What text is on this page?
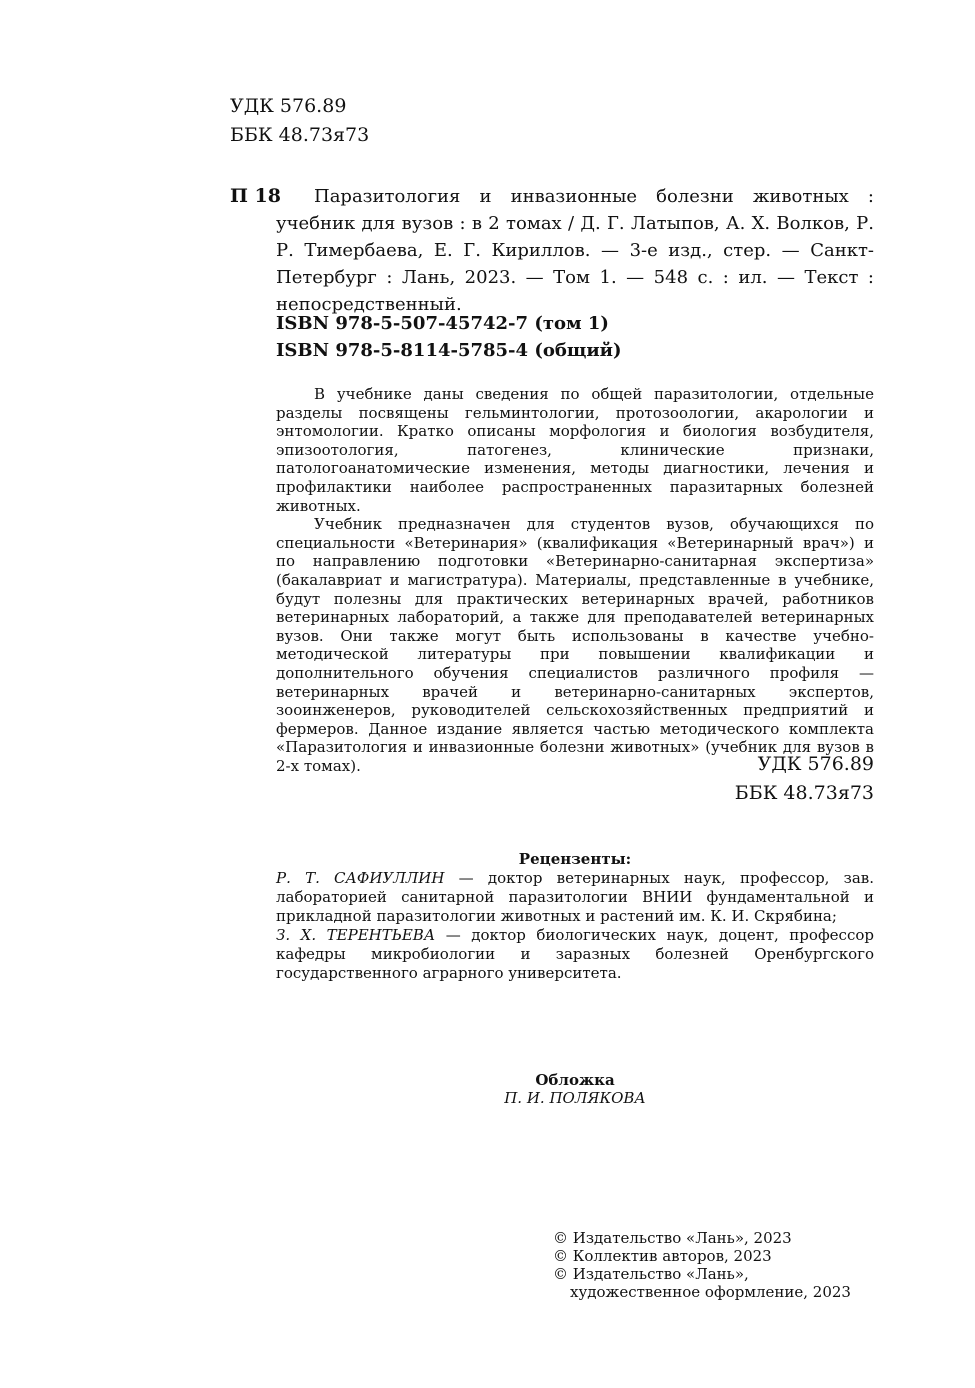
УДК 576.89
ББК 48.73я73
П 18	Паразитология и инвазионные болезни животных : учебник для вузов : в 2 томах / Д. Г. Латыпов, А. Х. Волков, Р. Р. Тимербаева, Е. Г. Кириллов. — 3-е изд., стер. — Санкт-Петербург : Лань, 2023. — Том 1. — 548 с. : ил. — Текст : непосредственный.
ISBN 978-5-507-45742-7 (том 1)
ISBN 978-5-8114-5785-4 (общий)

В учебнике даны сведения по общей паразитологии, отдельные разделы посвящены гельминтологии, протозоологии, акарологии и энтомологии. Кратко описаны морфология и биология возбудителя, эпизоотология, патогенез, клинические признаки, патологоанатомические изменения, методы диагностики, лечения и профилактики наиболее распространенных паразитарных болезней животных.

Учебник предназначен для студентов вузов, обучающихся по специальности «Ветеринария» (квалификация «Ветеринарный врач») и по направлению подготовки «Ветеринарно-санитарная экспертиза» (бакалавриат и магистратура). Материалы, представленные в учебнике, будут полезны для практических ветеринарных врачей, работников ветеринарных лабораторий, а также для преподавателей ветеринарных вузов. Они также могут быть использованы в качестве учебно-методической литературы при повышении квалификации и дополнительного обучения специалистов различного профиля — ветеринарных врачей и ветеринарно-санитарных экспертов, зооинженеров, руководителей сельскохозяйственных предприятий и фермеров. Данное издание является частью методического комплекта «Паразитология и инвазионные болезни животных» (учебник для вузов в 2-х томах).	УДК 576.89
ББК 48.73я73
Рецензенты:

Р. Т. САФИУЛЛИН — доктор ветеринарных наук, профессор, зав. лабораторией санитарной паразитологии ВНИИ фундаментальной и прикладной паразитологии животных и растений им. К. И. Скрябина;

З. Х. ТЕРЕНТЬЕВА — доктор биологических наук, доцент, профессор кафедры микробиологии и заразных болезней Оренбургского государственного аграрного университета.

Обложка
П. И. ПОЛЯКОВА
© Издательство «Лань», 2023
© Коллектив авторов, 2023
© Издательство «Лань»,
художественное оформление, 2023
